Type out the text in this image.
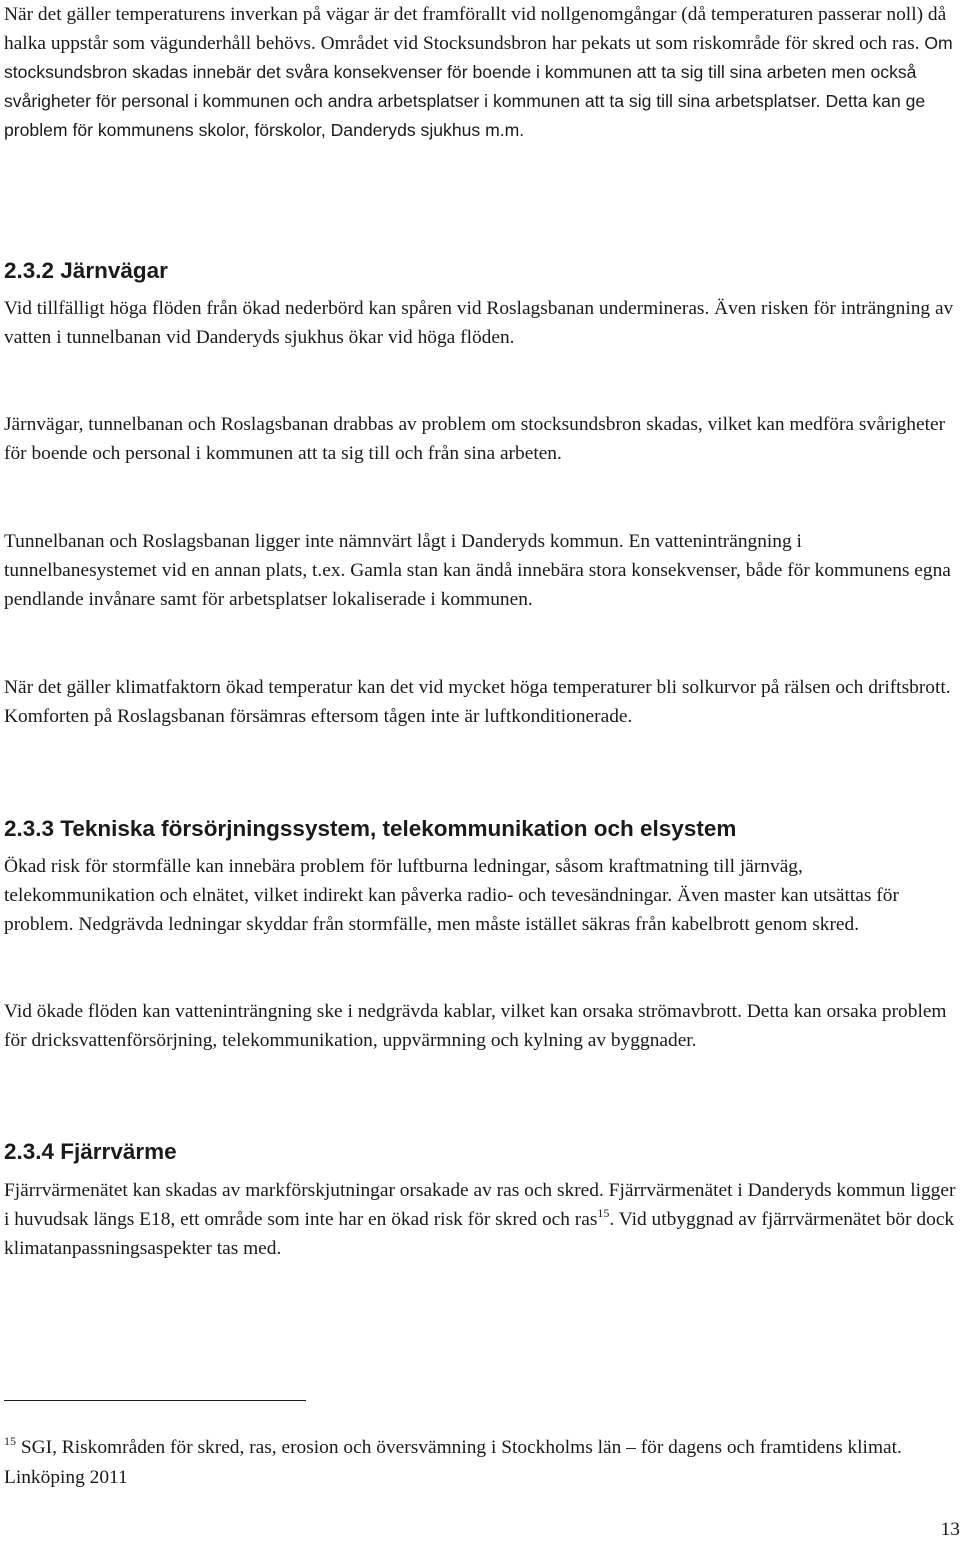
När det gäller temperaturens inverkan på vägar är det framförallt vid nollgenomgångar (då temperaturen passerar noll) då halka uppstår som vägunderhåll behövs. Området vid Stocksundsbron har pekats ut som riskområde för skred och ras. Om stocksundsbron skadas innebär det svåra konsekvenser för boende i kommunen att ta sig till sina arbeten men också svårigheter för personal i kommunen och andra arbetsplatser i kommunen att ta sig till sina arbetsplatser. Detta kan ge problem för kommunens skolor, förskolor, Danderyds sjukhus m.m.

2.3.2 Järnvägar

Vid tillfälligt höga flöden från ökad nederbörd kan spåren vid Roslagsbanan undermineras. Även risken för inträngning av vatten i tunnelbanan vid Danderyds sjukhus ökar vid höga flöden.

Järnvägar, tunnelbanan och Roslagsbanan drabbas av problem om stocksundsbron skadas, vilket kan medföra svårigheter för boende och personal i kommunen att ta sig till och från sina arbeten.

Tunnelbanan och Roslagsbanan ligger inte nämnvärt lågt i Danderyds kommun. En vatteninträngning i tunnelbanesystemet vid en annan plats, t.ex. Gamla stan kan ändå innebära stora konsekvenser, både för kommunens egna pendlande invånare samt för arbetsplatser lokaliserade i kommunen.

När det gäller klimatfaktorn ökad temperatur kan det vid mycket höga temperaturer bli solkurvor på rälsen och driftsbrott. Komforten på Roslagsbanan försämras eftersom tågen inte är luftkonditionerade.

2.3.3 Tekniska försörjningssystem, telekommunikation och elsystem

Ökad risk för stormfälle kan innebära problem för luftburna ledningar, såsom kraftmatning till järnväg, telekommunikation och elnätet, vilket indirekt kan påverka radio- och tevesändningar. Även master kan utsättas för problem. Nedgrävda ledningar skyddar från stormfälle, men måste istället säkras från kabelbrott genom skred.

Vid ökade flöden kan vatteninträngning ske i nedgrävda kablar, vilket kan orsaka strömavbrott. Detta kan orsaka problem för dricksvattenförsörjning, telekommunikation, uppvärmning och kylning av byggnader.

2.3.4 Fjärrvärme

Fjärrvärmenätet kan skadas av markförskjutningar orsakade av ras och skred. Fjärrvärmenätet i Danderyds kommun ligger i huvudsak längs E18, ett område som inte har en ökad risk för skred och ras$^{15}$. Vid utbyggnad av fjärrvärmenätet bör dock klimatanpassningsaspekter tas med.

$^{15}$ SGI, Riskområden för skred, ras, erosion och översvämning i Stockholms län – för dagens och framtidens klimat. Linköping 2011

13
